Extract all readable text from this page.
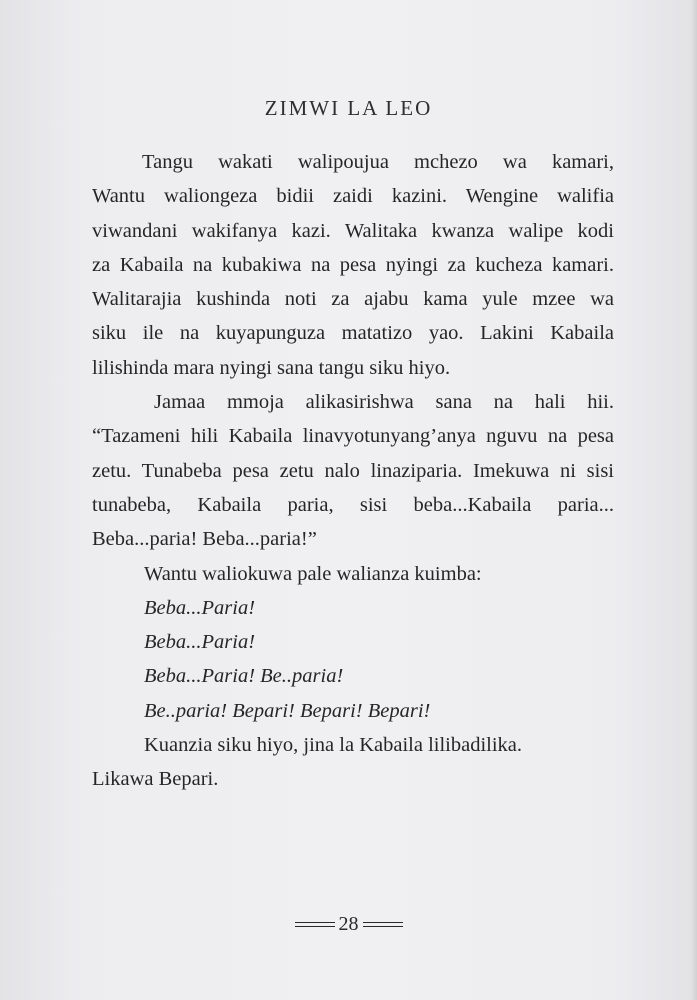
ZIMWI LA LEO

Tangu wakati walipoujua mchezo wa kamari,
Wantu waliongeza bidii zaidi kazini. Wengine walifia
viwandani wakifanya kazi. Walitaka kwanza walipe kodi
za Kabaila na kubakiwa na pesa nyingi za kucheza kamari.
Walitarajia kushinda noti za ajabu kama yule mzee wa
siku ile na kuyapunguza matatizo yao. Lakini Kabaila
lilishinda mara nyingi sana tangu siku hiyo.

Jamaa mmoja alikasirishwa sana na hali hii.
“Tazameni hili Kabaila linavyotunyang’anya nguvu na pesa
zetu. Tunabeba pesa zetu nalo linaziparia. Imekuwa ni sisi
tunabeba, Kabaila paria, sisi beba...Kabaila paria...
Beba...paria! Beba...paria!”

Wantu waliokuwa pale walianza kuimba:

Beba...Paria!
Beba...Paria!
Beba...Paria! Be..paria!
Be..paria! Bepari! Bepari! Bepari!

Kuanzia siku hiyo, jina la Kabaila lilibadilika.
Likawa Bepari.

28
